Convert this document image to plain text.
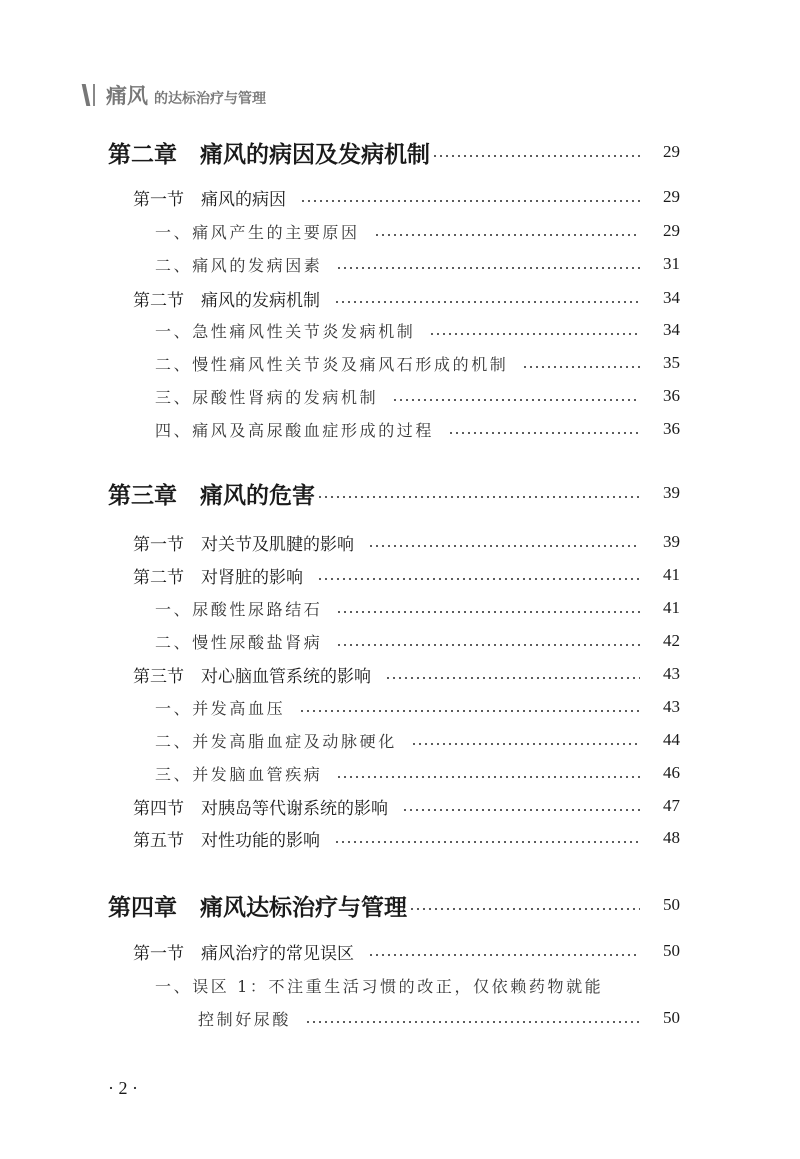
痛风 的达标治疗与管理
第二章　痛风的病因及发病机制	29
第一节　痛风的病因	29
一、痛风产生的主要原因	29
二、痛风的发病因素	31
第二节　痛风的发病机制	34
一、急性痛风性关节炎发病机制	34
二、慢性痛风性关节炎及痛风石形成的机制	35
三、尿酸性肾病的发病机制	36
四、痛风及高尿酸血症形成的过程	36
第三章　痛风的危害	39
第一节　对关节及肌腱的影响	39
第二节　对肾脏的影响	41
一、尿酸性尿路结石	41
二、慢性尿酸盐肾病	42
第三节　对心脑血管系统的影响	43
一、并发高血压	43
二、并发高脂血症及动脉硬化	44
三、并发脑血管疾病	46
第四节　对胰岛等代谢系统的影响	47
第五节　对性功能的影响	48
第四章　痛风达标治疗与管理	50
第一节　痛风治疗的常见误区	50
一、误区 1：不注重生活习惯的改正，仅依赖药物就能
控制好尿酸	50
· 2 ·
